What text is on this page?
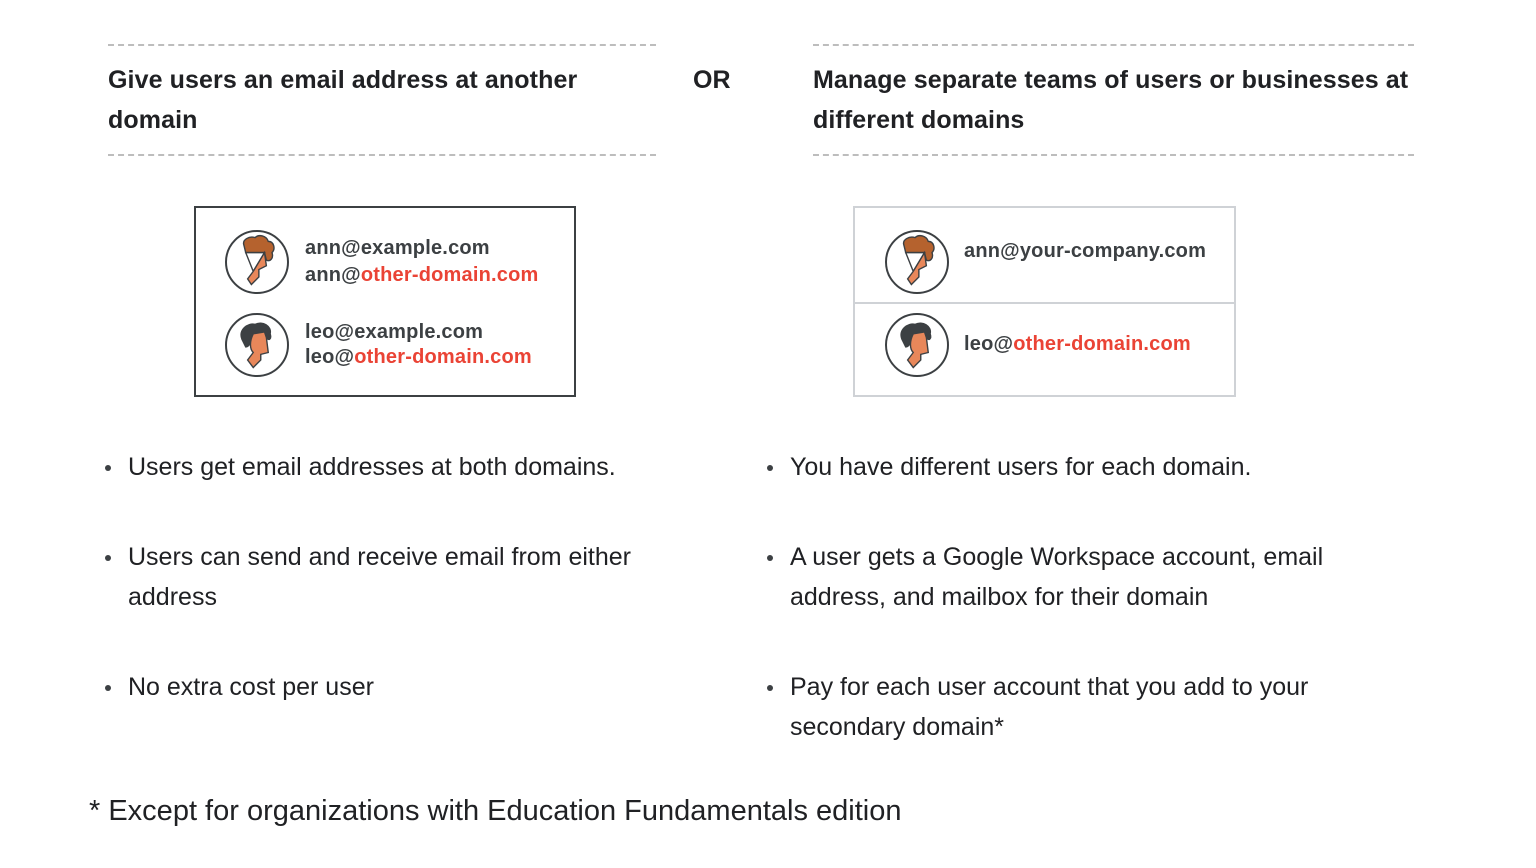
Give users an email address at another domain
OR	Manage separate teams of users or businesses at different domains
ann@example.com
ann@other-domain.com
leo@example.com
leo@other-domain.com
ann@your-company.com
leo@other-domain.com
Users get email addresses at both domains.
Users can send and receive email from either address
No extra cost per user
You have different users for each domain.
A user gets a Google Workspace account, email address, and mailbox for their domain
Pay for each user account that you add to your secondary domain*
* Except for organizations with Education Fundamentals edition
